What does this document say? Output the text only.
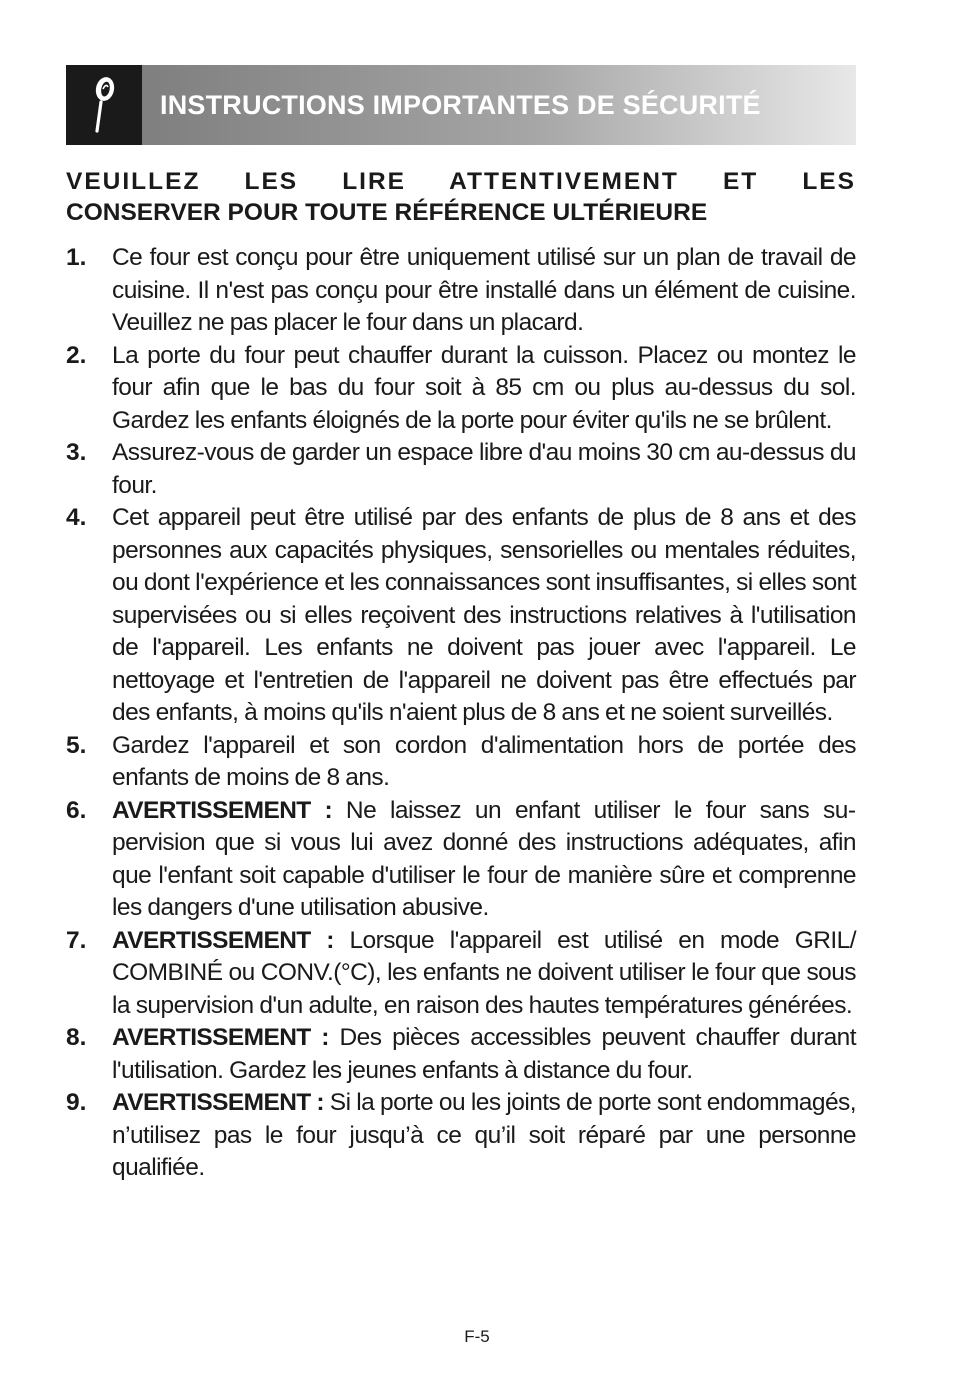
INSTRUCTIONS IMPORTANTES DE SÉCURITÉ
VEUILLEZ LES LIRE ATTENTIVEMENT ET LES
CONSERVER POUR TOUTE RÉFÉRENCE ULTÉRIEURE
1.	Ce four est conçu pour être uniquement utilisé sur un plan de travail de cuisine. Il n'est pas conçu pour être installé dans un élément de cuisine. Veuillez ne pas placer le four dans un placard.
2.	La porte du four peut chauffer durant la cuisson. Placez ou montez le four afin que le bas du four soit à 85 cm ou plus au-dessus du sol. Gardez les enfants éloignés de la porte pour éviter qu'ils ne se brûlent.
3.	Assurez-vous de garder un espace libre d'au moins 30 cm au-dessus du four.
4.	Cet appareil peut être utilisé par des enfants de plus de 8 ans et des personnes aux capacités physiques, sensorielles ou mentales réduites, ou dont l'expérience et les connaissances sont insuffisantes, si elles sont supervisées ou si elles reçoivent des instructions relatives à l'utilisation de l'appareil. Les enfants ne doivent pas jouer avec l'appareil. Le nettoyage et l'entretien de l'appareil ne doivent pas être effectués par des enfants, à moins qu'ils n'aient plus de 8 ans et ne soient surveillés.
5.	Gardez l'appareil et son cordon d'alimentation hors de portée des enfants de moins de 8 ans.
6.	AVERTISSEMENT : Ne laissez un enfant utiliser le four sans supervision que si vous lui avez donné des instructions adéquates, afin que l'enfant soit capable d'utiliser le four de manière sûre et comprenne les dangers d'une utilisation abusive.
7.	AVERTISSEMENT : Lorsque l'appareil est utilisé en mode GRIL/ COMBINÉ ou CONV.(°C), les enfants ne doivent utiliser le four que sous la supervision d'un adulte, en raison des hautes températures générées.
8.	AVERTISSEMENT : Des pièces accessibles peuvent chauffer durant l'utilisation. Gardez les jeunes enfants à distance du four.
9.	AVERTISSEMENT : Si la porte ou les joints de porte sont endommagés, n’utilisez pas le four jusqu’à ce qu’il soit réparé par une personne qualifiée.
F-5
